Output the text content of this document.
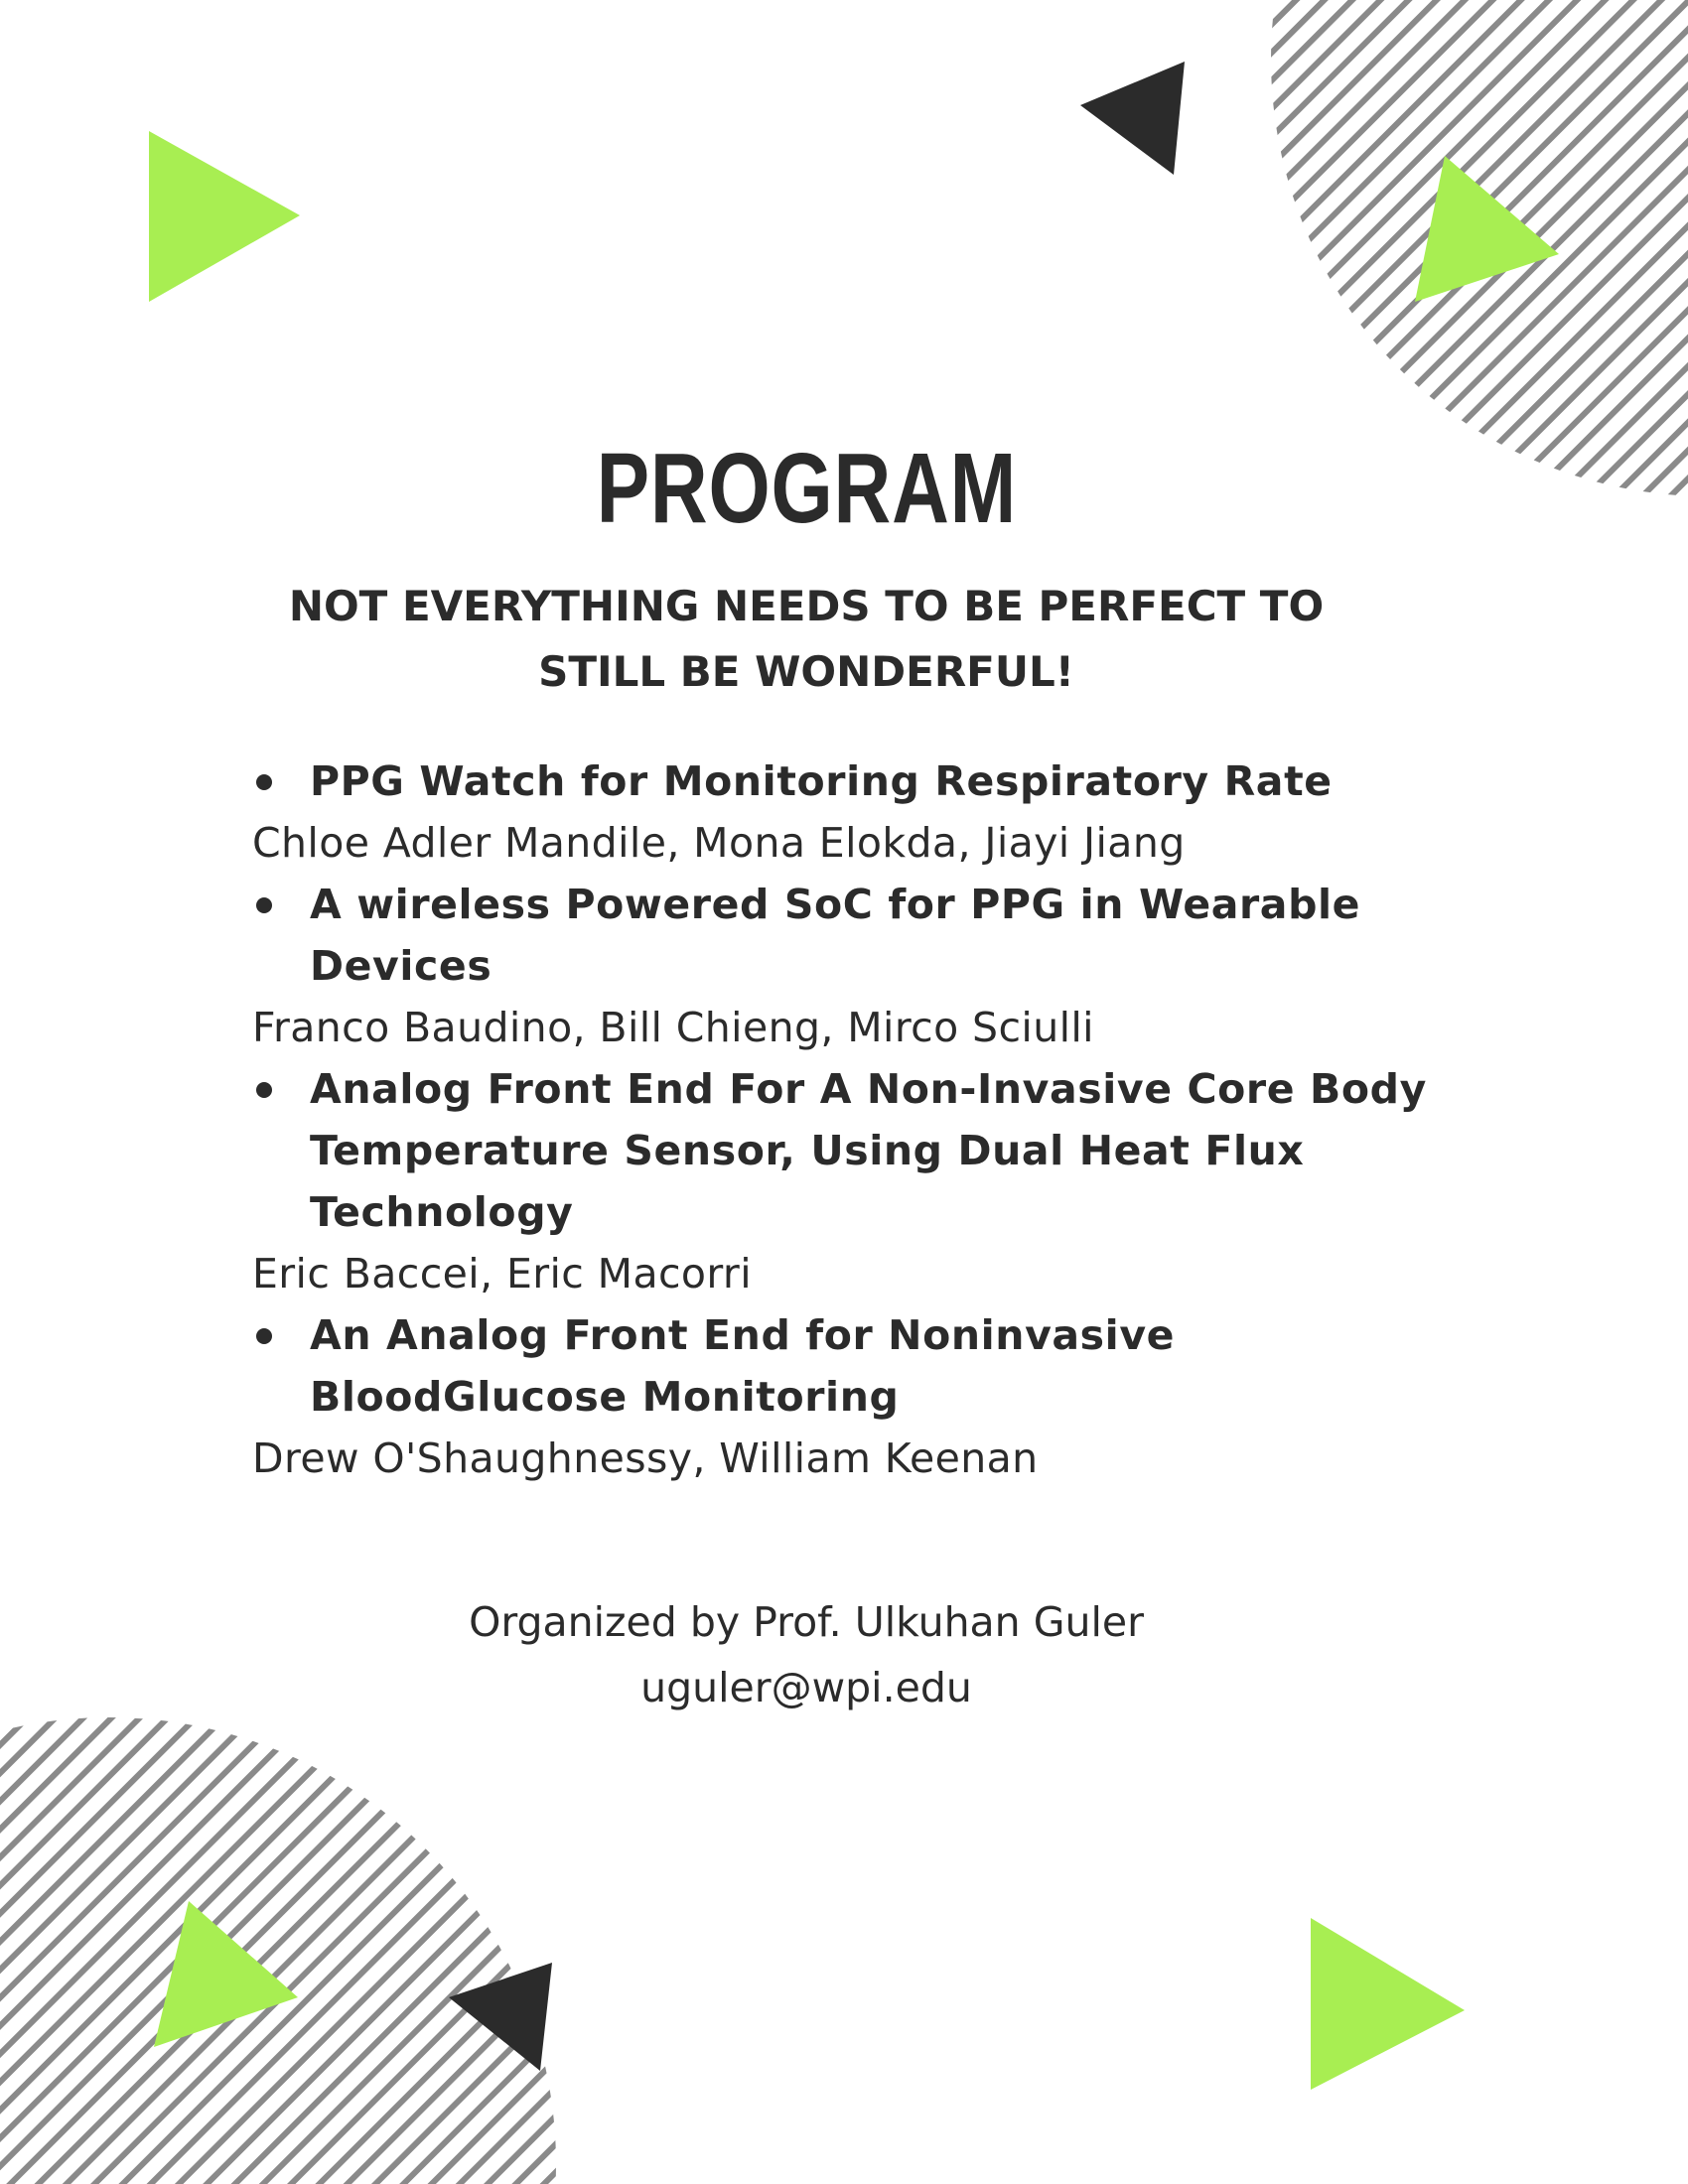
PROGRAM
NOT EVERYTHING NEEDS TO BE PERFECT TO
STILL BE WONDERFUL!

PPG Watch for Monitoring Respiratory Rate

Chloe Adler Mandile, Mona Elokda, Jiayi Jiang

A wireless Powered SoC for PPG in Wearable Devices

Franco Baudino, Bill Chieng, Mirco Sciulli

Analog Front End For A Non-Invasive Core Body Temperature Sensor, Using Dual Heat Flux Technology

Eric Baccei, Eric Macorri

An Analog Front End for Noninvasive BloodGlucose Monitoring

Drew O'Shaughnessy, William Keenan

Organized by Prof. Ulkuhan Guler
uguler@wpi.edu
